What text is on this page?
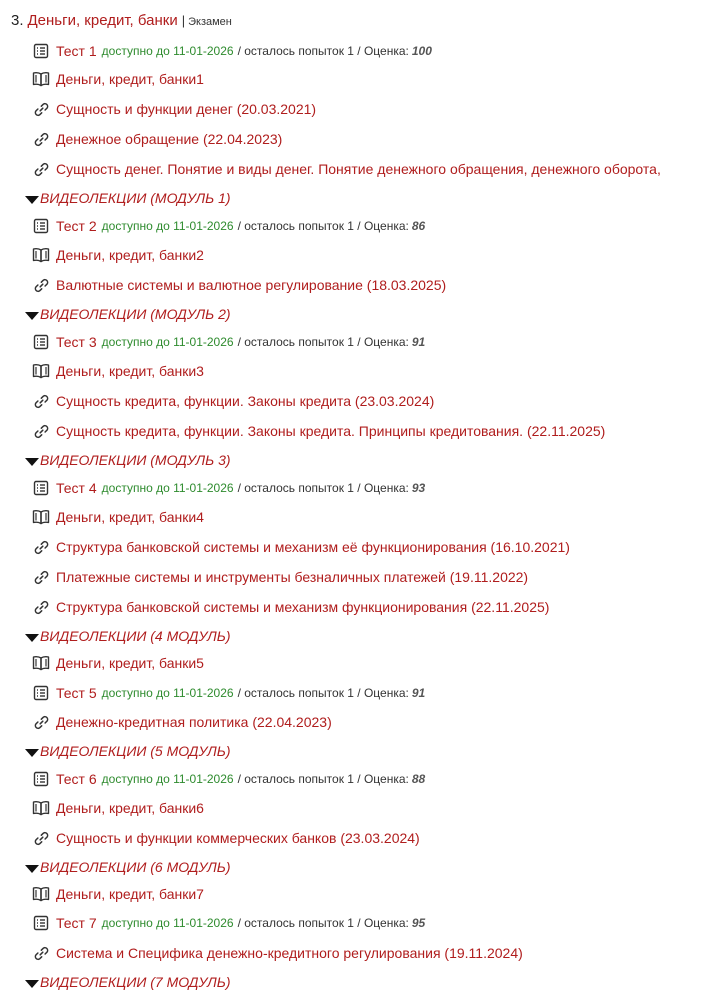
3. Деньги, кредит, банки | Экзамен
Тест 1 доступно до 11-01-2026 / осталось попыток 1 / Оценка: 100
Деньги, кредит, банки1
Сущность и функции денег (20.03.2021)
Денежное обращение (22.04.2023)
Сущность денег. Понятие и виды денег. Понятие денежного обращения, денежного оборота,
ВИДЕОЛЕКЦИИ (МОДУЛЬ 1)
Тест 2 доступно до 11-01-2026 / осталось попыток 1 / Оценка: 86
Деньги, кредит, банки2
Валютные системы и валютное регулирование (18.03.2025)
ВИДЕОЛЕКЦИИ (МОДУЛЬ 2)
Тест 3 доступно до 11-01-2026 / осталось попыток 1 / Оценка: 91
Деньги, кредит, банки3
Сущность кредита, функции. Законы кредита (23.03.2024)
Сущность кредита, функции. Законы кредита. Принципы кредитования. (22.11.2025)
ВИДЕОЛЕКЦИИ (МОДУЛЬ 3)
Тест 4 доступно до 11-01-2026 / осталось попыток 1 / Оценка: 93
Деньги, кредит, банки4
Структура банковской системы и механизм её функционирования (16.10.2021)
Платежные системы и инструменты безналичных платежей (19.11.2022)
Структура банковской системы и механизм функционирования (22.11.2025)
ВИДЕОЛЕКЦИИ (4 МОДУЛЬ)
Деньги, кредит, банки5
Тест 5 доступно до 11-01-2026 / осталось попыток 1 / Оценка: 91
Денежно-кредитная политика (22.04.2023)
ВИДЕОЛЕКЦИИ (5 МОДУЛЬ)
Тест 6 доступно до 11-01-2026 / осталось попыток 1 / Оценка: 88
Деньги, кредит, банки6
Сущность и функции коммерческих банков (23.03.2024)
ВИДЕОЛЕКЦИИ (6 МОДУЛЬ)
Деньги, кредит, банки7
Тест 7 доступно до 11-01-2026 / осталось попыток 1 / Оценка: 95
Система и Специфика денежно-кредитного регулирования (19.11.2024)
ВИДЕОЛЕКЦИИ (7 МОДУЛЬ)
